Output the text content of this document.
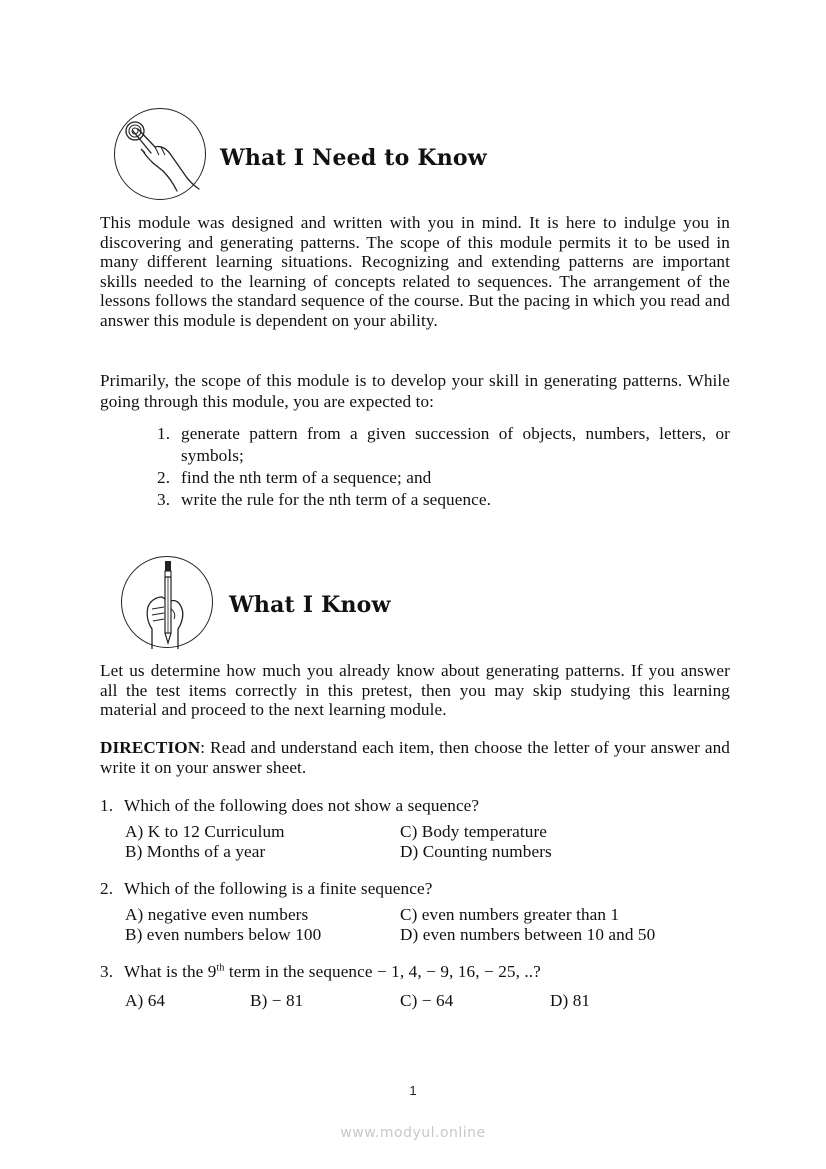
What I Need to Know

This module was designed and written with you in mind. It is here to indulge you in discovering and generating patterns. The scope of this module permits it to be used in many different learning situations. Recognizing and extending patterns are important skills needed to the learning of concepts related to sequences. The arrangement of the lessons follows the standard sequence of the course. But the pacing in which you read and answer this module is dependent on your ability.

Primarily, the scope of this module is to develop your skill in generating patterns. While going through this module, you are expected to:

1. generate pattern from a given succession of objects, numbers, letters, or symbols;
2. find the nth term of a sequence; and
3. write the rule for the nth term of a sequence.
What I Know

Let us determine how much you already know about generating patterns. If you answer all the test items correctly in this pretest, then you may skip studying this learning material and proceed to the next learning module.

DIRECTION: Read and understand each item, then choose the letter of your answer and write it on your answer sheet.

1. Which of the following does not show a sequence?
A) K to 12 Curriculum
B) Months of a year
C) Body temperature
D) Counting numbers
2. Which of the following is a finite sequence?
A) negative even numbers
B) even numbers below 100
C) even numbers greater than 1
D) even numbers between 10 and 50
3. What is the 9th term in the sequence − 1, 4, − 9, 16, − 25, ..?
A) 64	B) − 81	C) − 64	D) 81
1
www.modyul.online
